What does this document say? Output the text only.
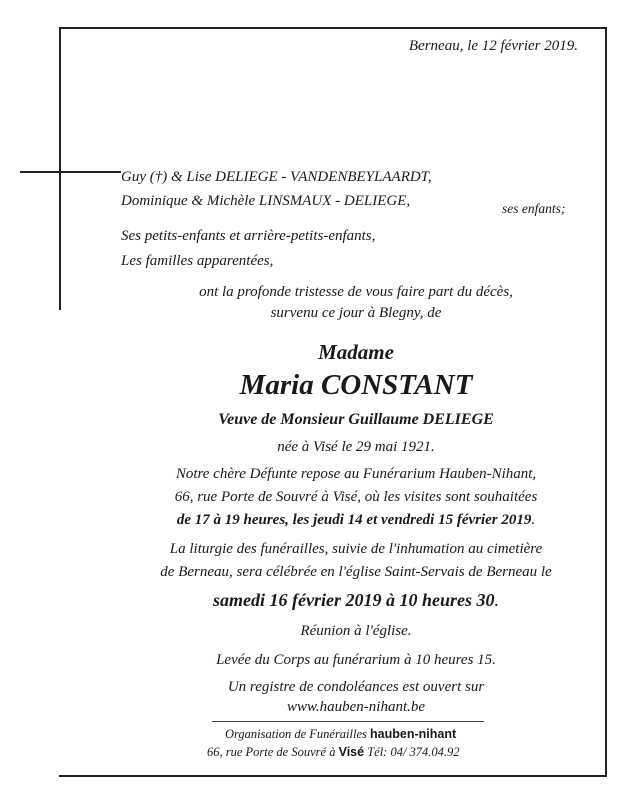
Berneau, le 12 février 2019.
Guy (†) & Lise DELIEGE - VANDENBEYLAARDT,
Dominique & Michèle LINSMAUX - DELIEGE,	ses enfants;
Ses petits-enfants et arrière-petits-enfants,
Les familles apparentées,
ont la profonde tristesse de vous faire part du décès,
survenu ce jour à Blegny, de
Madame
Maria CONSTANT
Veuve de Monsieur Guillaume DELIEGE
née à Visé le 29 mai 1921.
Notre chère Défunte repose au Funérarium Hauben-Nihant,
66, rue Porte de Souvré à Visé, où les visites sont souhaitées
de 17 à 19 heures, les jeudi 14 et vendredi 15 février 2019.
La liturgie des funérailles, suivie de l'inhumation au cimetière
de Berneau, sera célébrée en l'église Saint-Servais de Berneau le
samedi 16 février 2019 à 10 heures 30.
Réunion à l'église.
Levée du Corps au funérarium à 10 heures 15.
Un registre de condoléances est ouvert sur
www.hauben-nihant.be
Organisation de Funérailles hauben-nihant
66, rue Porte de Souvré à Visé Tél: 04/ 374.04.92
